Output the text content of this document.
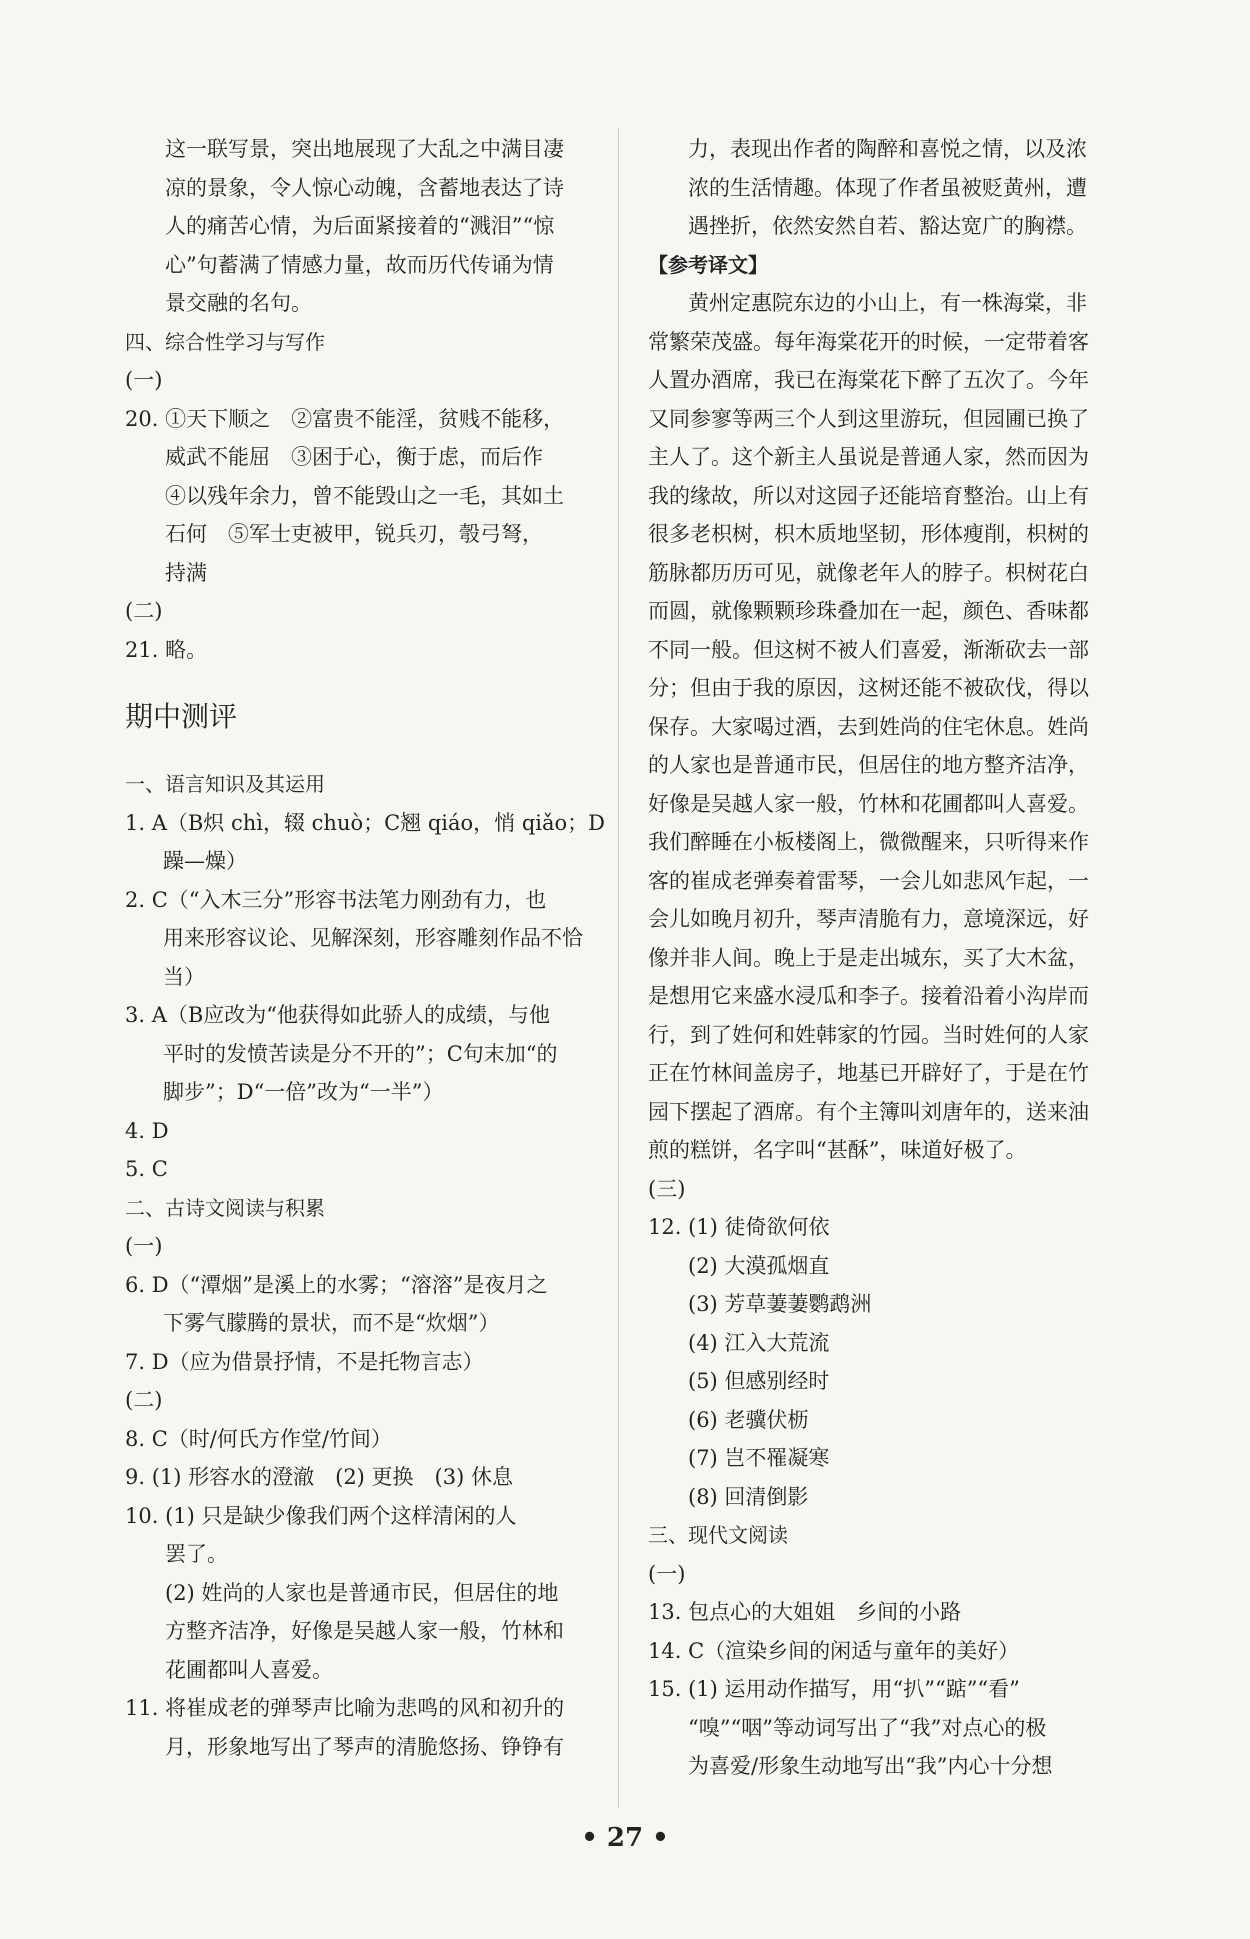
这一联写景，突出地展现了大乱之中满目凄
凉的景象，令人惊心动魄，含蓄地表达了诗
人的痛苦心情，为后面紧接着的“溅泪”“惊
心”句蓄满了情感力量，故而历代传诵为情
景交融的名句。
四、综合性学习与写作
(一)
20. ①天下顺之　②富贵不能淫，贫贱不能移，
威武不能屈　③困于心，衡于虑，而后作
④以残年余力，曾不能毁山之一毛，其如土
石何　⑤军士吏被甲，锐兵刃，彀弓弩，
持满
(二)
21. 略。
期中测评
一、语言知识及其运用
1. A（B炽 chì，辍 chuò；C翘 qiáo，悄 qiǎo；D
躁—燥）
2. C（“入木三分”形容书法笔力刚劲有力，也
用来形容议论、见解深刻，形容雕刻作品不恰
当）
3. A（B应改为“他获得如此骄人的成绩，与他
平时的发愤苦读是分不开的”；C句末加“的
脚步”；D“一倍”改为“一半”）
4. D
5. C
二、古诗文阅读与积累
(一)
6. D（“潭烟”是溪上的水雾；“溶溶”是夜月之
下雾气朦腾的景状，而不是“炊烟”）
7. D（应为借景抒情，不是托物言志）
(二)
8. C（时/何氏方作堂/竹间）
9. (1) 形容水的澄澈　(2) 更换　(3) 休息
10. (1) 只是缺少像我们两个这样清闲的人
罢了。
(2) 姓尚的人家也是普通市民，但居住的地
方整齐洁净，好像是吴越人家一般，竹林和
花圃都叫人喜爱。
11. 将崔成老的弹琴声比喻为悲鸣的风和初升的
月，形象地写出了琴声的清脆悠扬、铮铮有
力，表现出作者的陶醉和喜悦之情，以及浓
浓的生活情趣。体现了作者虽被贬黄州，遭
遇挫折，依然安然自若、豁达宽广的胸襟。
【参考译文】
黄州定惠院东边的小山上，有一株海棠，非
常繁荣茂盛。每年海棠花开的时候，一定带着客
人置办酒席，我已在海棠花下醉了五次了。今年
又同参寥等两三个人到这里游玩，但园圃已换了
主人了。这个新主人虽说是普通人家，然而因为
我的缘故，所以对这园子还能培育整治。山上有
很多老枳树，枳木质地坚韧，形体瘦削，枳树的
筋脉都历历可见，就像老年人的脖子。枳树花白
而圆，就像颗颗珍珠叠加在一起，颜色、香味都
不同一般。但这树不被人们喜爱，渐渐砍去一部
分；但由于我的原因，这树还能不被砍伐，得以
保存。大家喝过酒，去到姓尚的住宅休息。姓尚
的人家也是普通市民，但居住的地方整齐洁净，
好像是吴越人家一般，竹林和花圃都叫人喜爱。
我们醉睡在小板楼阁上，微微醒来，只听得来作
客的崔成老弹奏着雷琴，一会儿如悲风乍起，一
会儿如晚月初升，琴声清脆有力，意境深远，好
像并非人间。晚上于是走出城东，买了大木盆，
是想用它来盛水浸瓜和李子。接着沿着小沟岸而
行，到了姓何和姓韩家的竹园。当时姓何的人家
正在竹林间盖房子，地基已开辟好了，于是在竹
园下摆起了酒席。有个主簿叫刘唐年的，送来油
煎的糕饼，名字叫“甚酥”，味道好极了。
(三)
12. (1) 徒倚欲何依
(2) 大漠孤烟直
(3) 芳草萋萋鹦鹉洲
(4) 江入大荒流
(5) 但感别经时
(6) 老骥伏枥
(7) 岂不罹凝寒
(8) 回清倒影
三、现代文阅读
(一)
13. 包点心的大姐姐　乡间的小路
14. C（渲染乡间的闲适与童年的美好）
15. (1) 运用动作描写，用“扒”“踮”“看”
“嗅”“咽”等动词写出了“我”对点心的极
为喜爱/形象生动地写出“我”内心十分想
• 27 •
